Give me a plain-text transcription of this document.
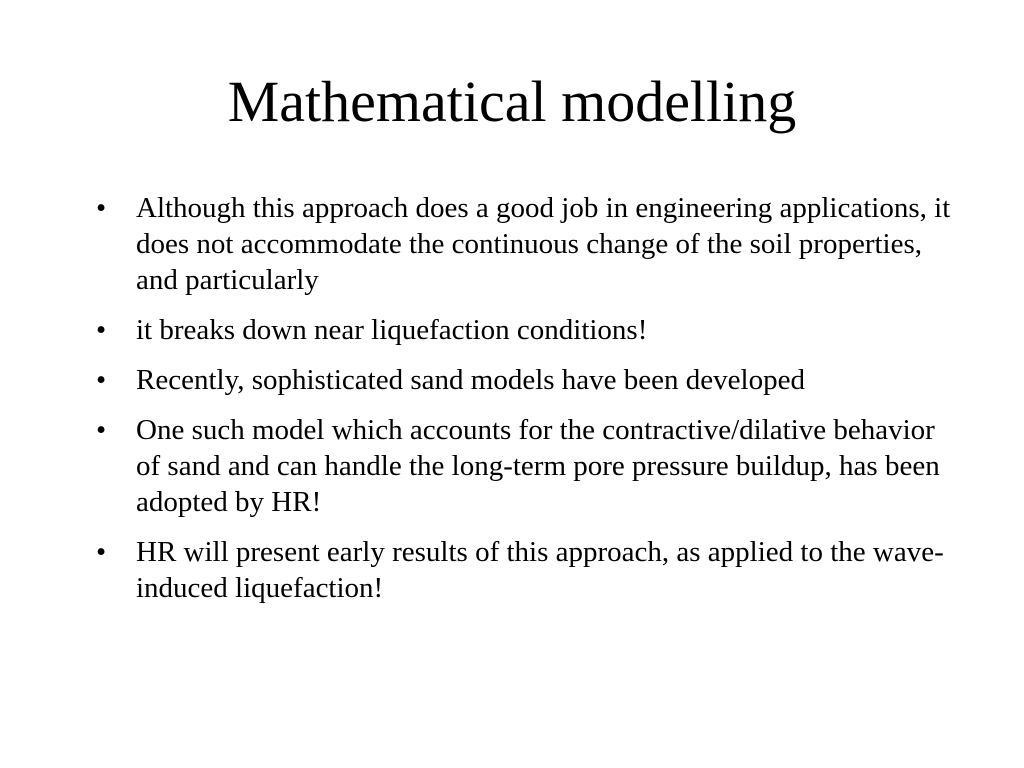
Mathematical modelling
•	Although this approach does a good job in engineering applications, it does not accommodate the continuous change of the soil properties, and particularly
•	it breaks down near liquefaction conditions!
•	Recently, sophisticated sand models have been developed
•	One such model which accounts for the contractive/dilative behavior of sand and can handle the long-term pore pressure buildup, has been adopted by HR!
•	HR will present early results of this approach, as applied to the wave-induced liquefaction!
